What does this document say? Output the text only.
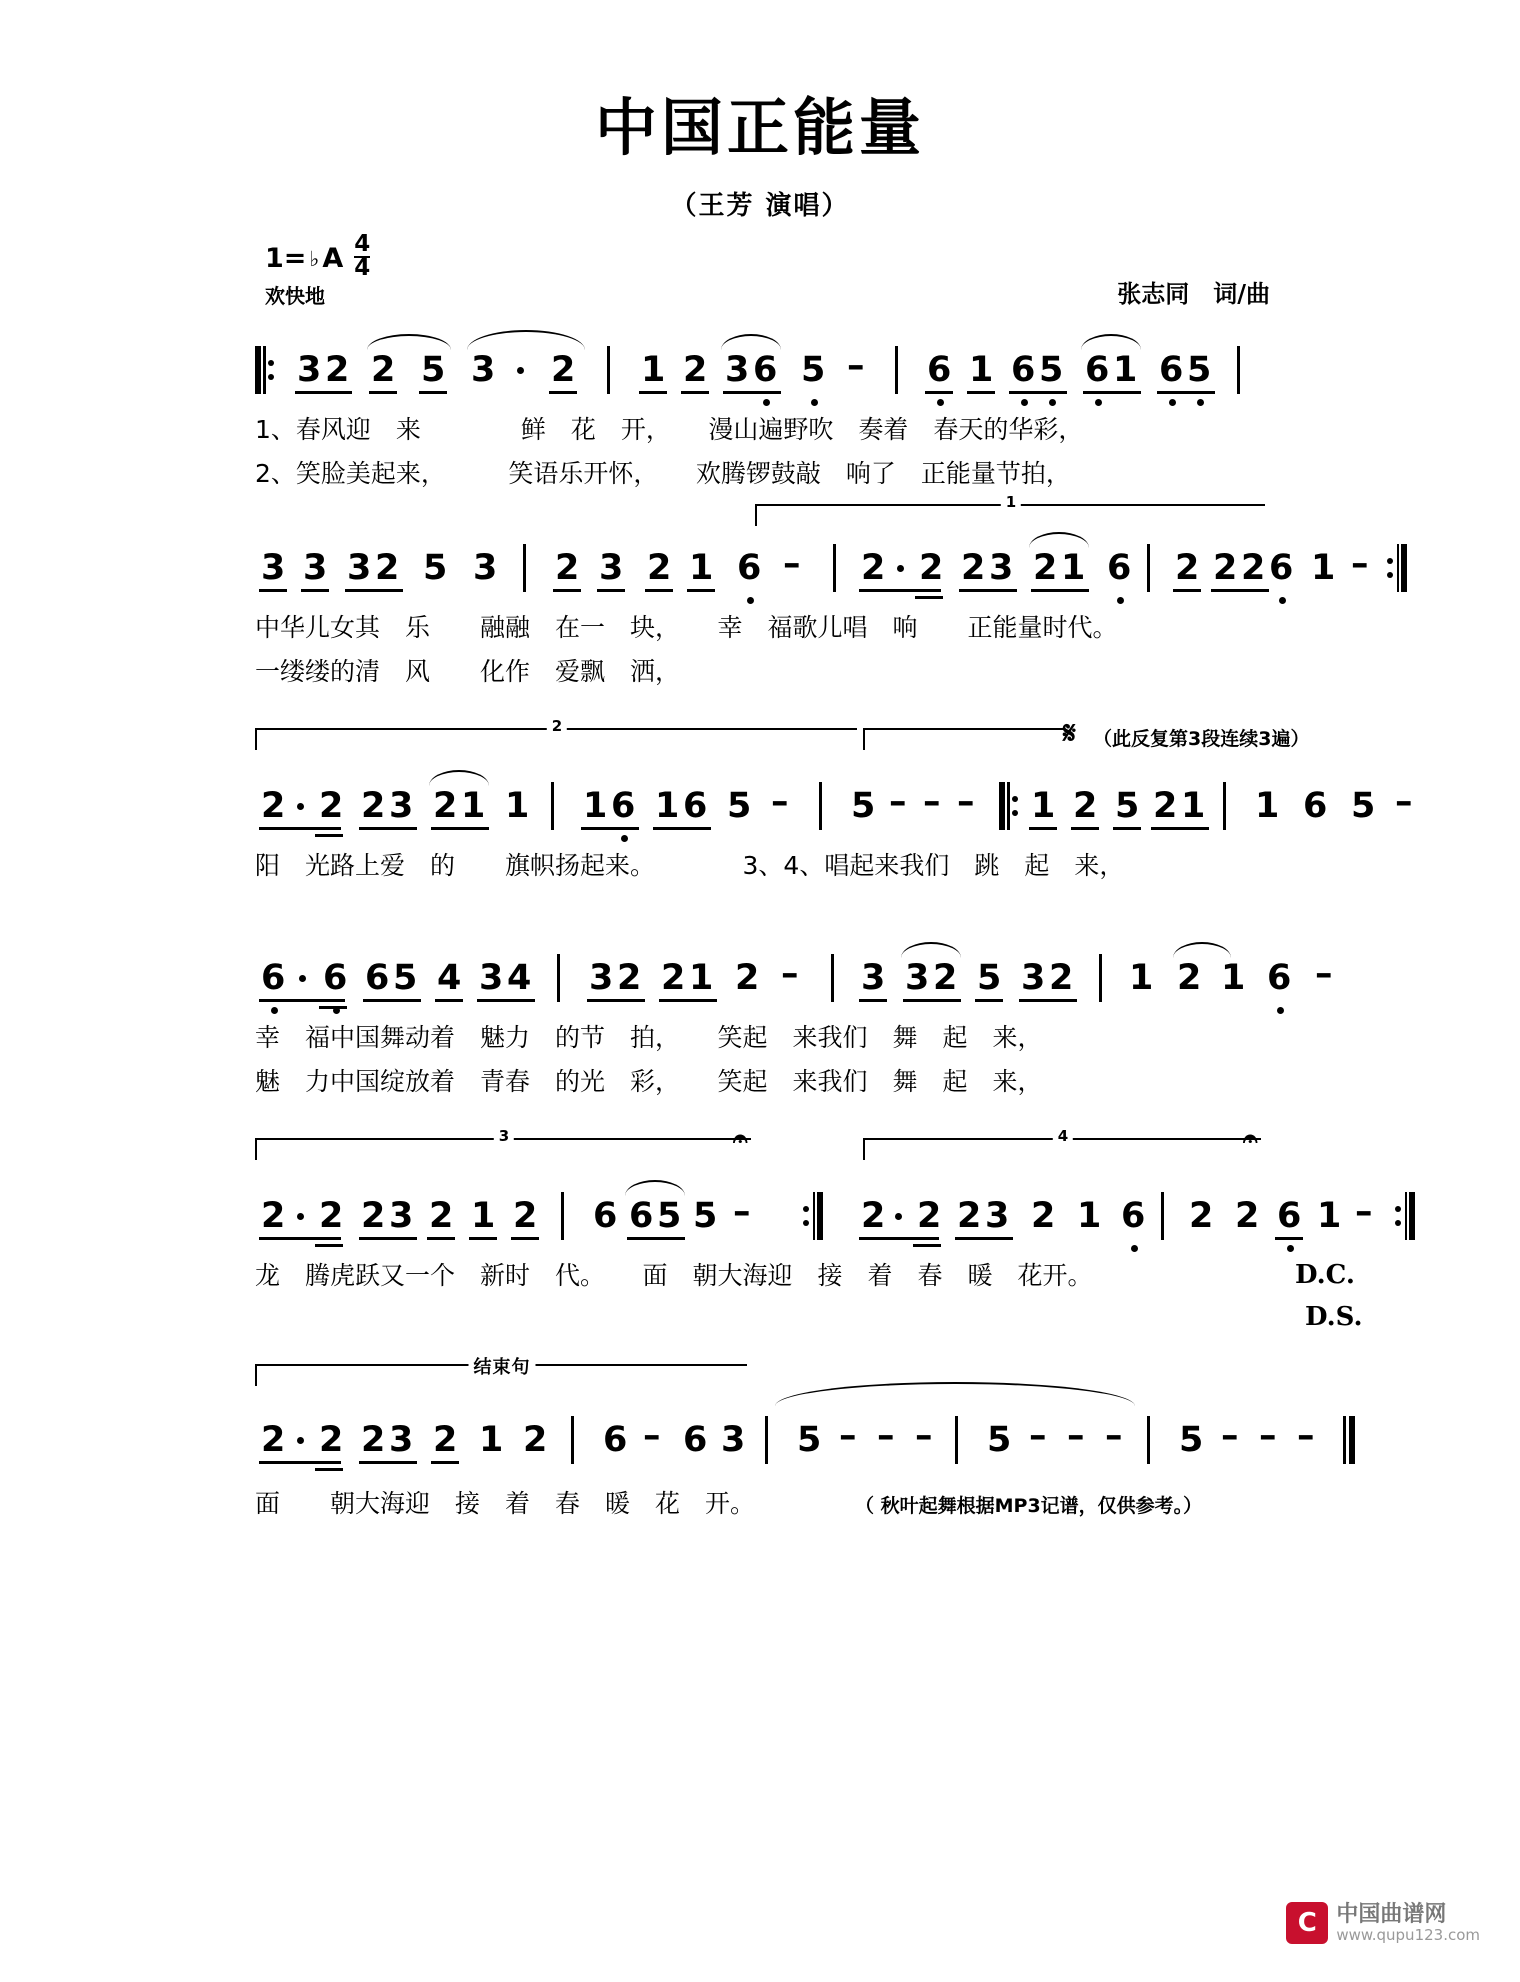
中国正能量
（王芳 演唱）
1= ♭ A $\frac{4}{4}$
欢快地	张志同　词/曲
3 2 2 5 3 2 1 2 3 6 5 – 6 1 6 5 6 1 6 5

1、春风迎　来　　　　鲜　花　开，　　漫山遍野吹　奏着　春天的华彩，

2、笑脸美起来，　　　笑语乐开怀，　　欢腾锣鼓敲　响了　正能量节拍，

1
3 3 3 2 5 3 2 3 2 1 6 – 2 2 2 3 2 1 6 2 2 2 6 1 –

中华儿女其　乐　　融融　在一　块，　　幸　福歌儿唱　响　　正能量时代。

一缕缕的清　风　　化作　爱飘　洒，

2	𝄋 （此反复第3段连续3遍）
2 2 2 3 2 1 1 1 6 1 6 5 – 5 – – – 1 2 5 2 1 1 6 5 –

阳　光路上爱　的　　旗帜扬起来。　　　　3、4、唱起来我们　跳　起　来，

6 6 6 5 4 3 4 3 2 2 1 2 – 3 3 2 5 3 2 1 2 1 6 –

幸　福中国舞动着　魅力　的节　拍，　　笑起　来我们　舞　起　来，

魅　力中国绽放着　青春　的光　彩，　　笑起　来我们　舞　起　来，

3	𝄐	4	𝄐
2 2 2 3 2 1 2 6 6 5 5 –	2 2 2 3 2 1 6 2 2 6 1 –

龙　腾虎跃又一个　新时　代。　　面　朝大海迎　接　着　春　暖　花开。

	D.C.

D.S.

结束句
2 2 2 3 2 1 2 6 – 6 3 5 – – – 5 – – – 5 – – –

面　　朝大海迎　接　着　春　暖　花　开。

	（ 秋叶起舞根据MP3记谱，仅供参考。）

C 中国曲谱网
www.qupu123.com
